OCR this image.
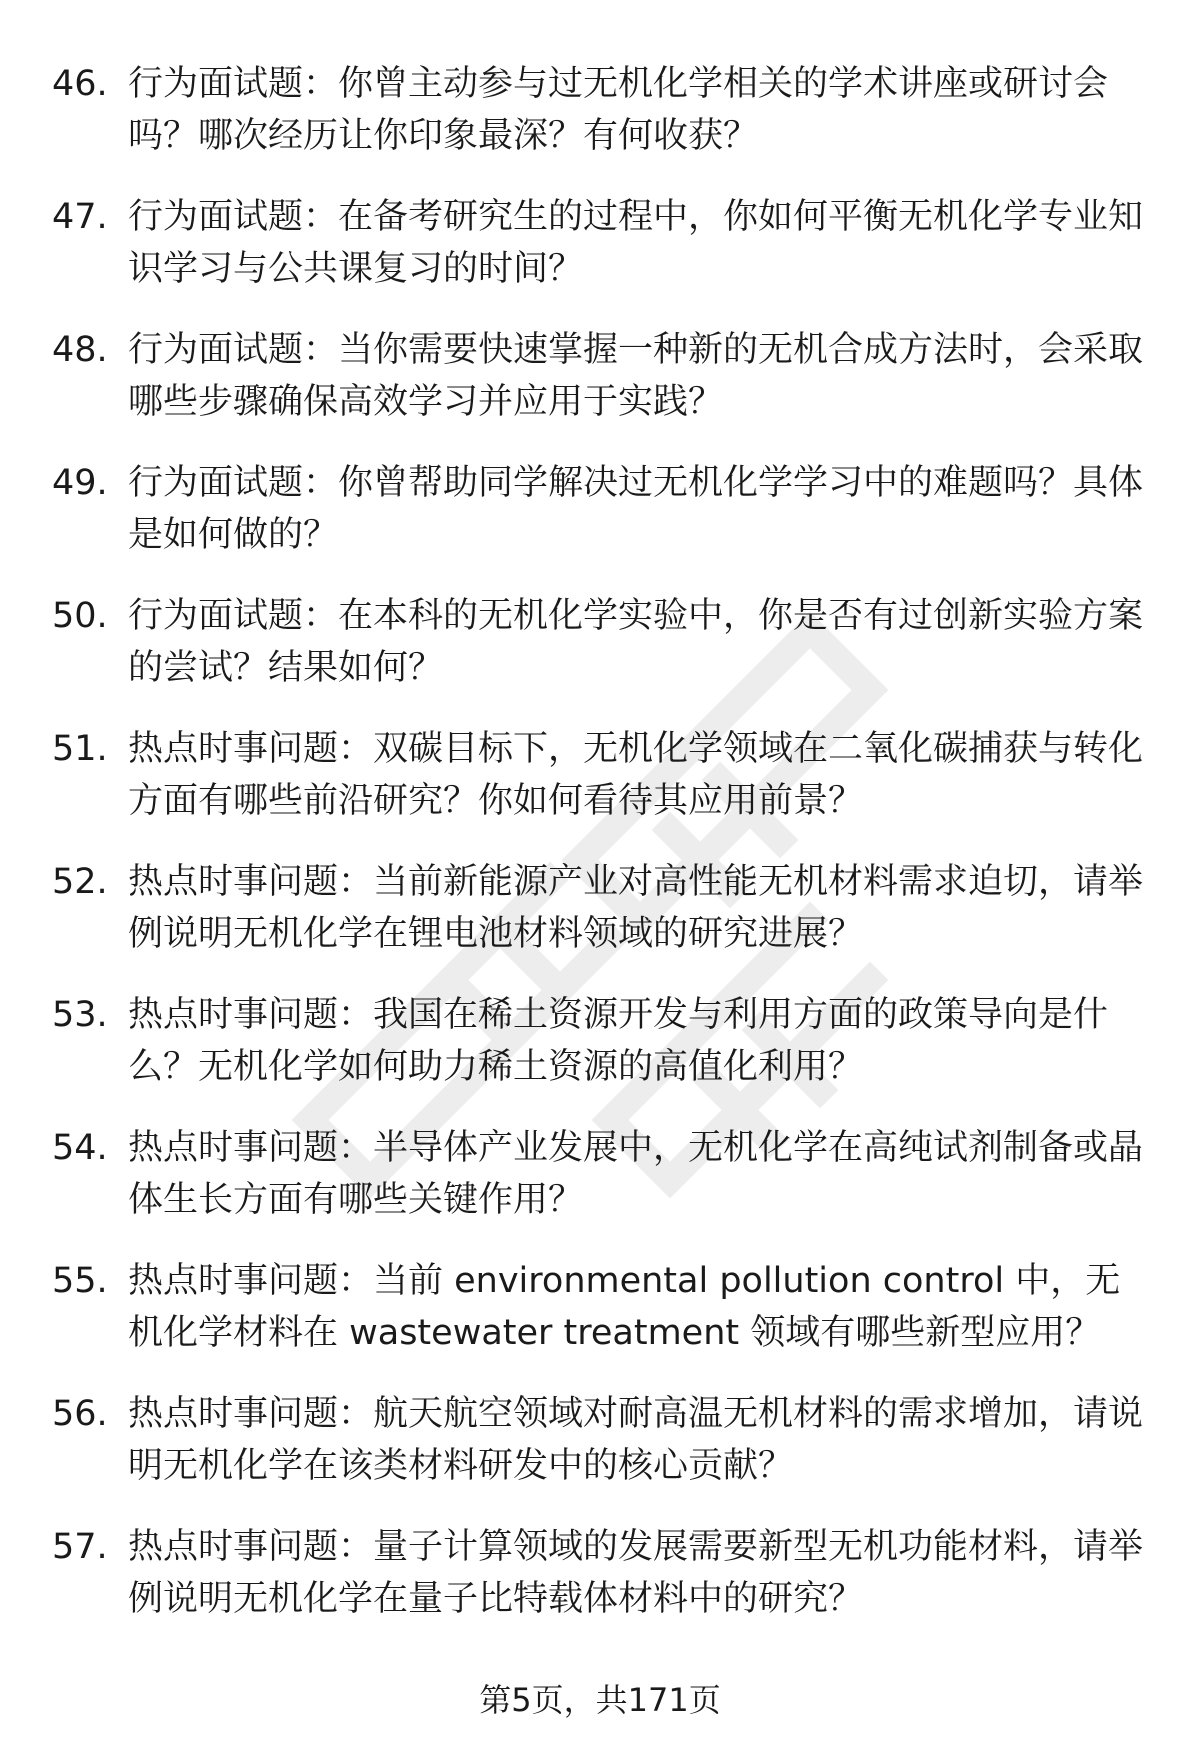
46. 行为面试题：你曾主动参与过无机化学相关的学术讲座或研讨会吗？哪次经历让你印象最深？有何收获？
47. 行为面试题：在备考研究生的过程中，你如何平衡无机化学专业知识学习与公共课复习的时间？
48. 行为面试题：当你需要快速掌握一种新的无机合成方法时，会采取哪些步骤确保高效学习并应用于实践？
49. 行为面试题：你曾帮助同学解决过无机化学学习中的难题吗？具体是如何做的？
50. 行为面试题：在本科的无机化学实验中，你是否有过创新实验方案的尝试？结果如何？
51. 热点时事问题：双碳目标下，无机化学领域在二氧化碳捕获与转化方面有哪些前沿研究？你如何看待其应用前景？
52. 热点时事问题：当前新能源产业对高性能无机材料需求迫切，请举例说明无机化学在锂电池材料领域的研究进展？
53. 热点时事问题：我国在稀土资源开发与利用方面的政策导向是什么？无机化学如何助力稀土资源的高值化利用？
54. 热点时事问题：半导体产业发展中，无机化学在高纯试剂制备或晶体生长方面有哪些关键作用？
55. 热点时事问题：当前 environmental pollution control 中，无机化学材料在 wastewater treatment 领域有哪些新型应用？
56. 热点时事问题：航天航空领域对耐高温无机材料的需求增加，请说明无机化学在该类材料研发中的核心贡献？
57. 热点时事问题：量子计算领域的发展需要新型无机功能材料，请举例说明无机化学在量子比特载体材料中的研究？
第5页，共171页
